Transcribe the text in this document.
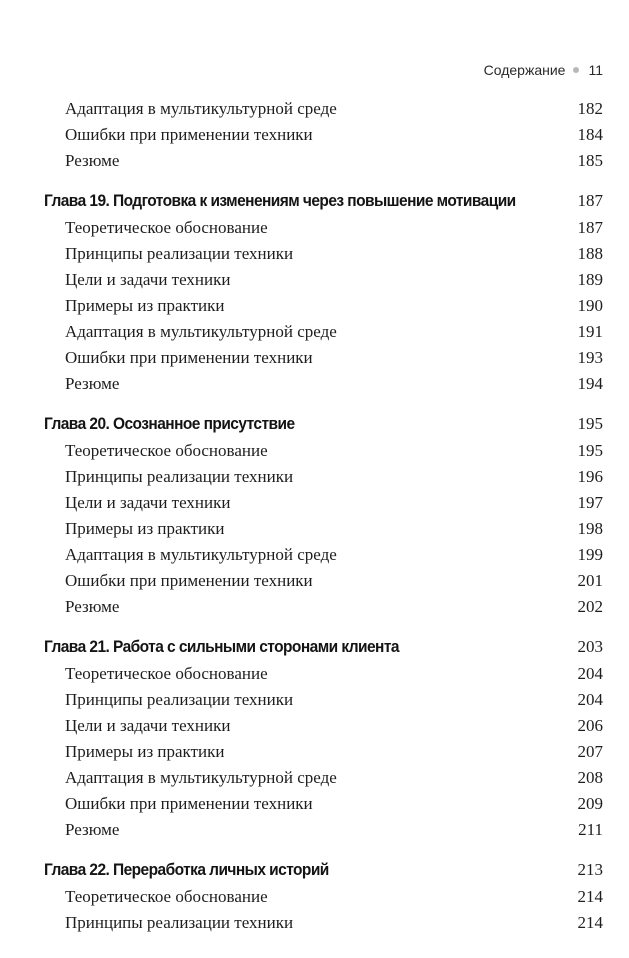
Содержание 11
Адаптация в мультикультурной среде	182
Ошибки при применении техники	184
Резюме	185
Глава 19. Подготовка к изменениям через повышение мотивации	187
Теоретическое обоснование	187
Принципы реализации техники	188
Цели и задачи техники	189
Примеры из практики	190
Адаптация в мультикультурной среде	191
Ошибки при применении техники	193
Резюме	194
Глава 20. Осознанное присутствие	195
Теоретическое обоснование	195
Принципы реализации техники	196
Цели и задачи техники	197
Примеры из практики	198
Адаптация в мультикультурной среде	199
Ошибки при применении техники	201
Резюме	202
Глава 21. Работа с сильными сторонами клиента	203
Теоретическое обоснование	204
Принципы реализации техники	204
Цели и задачи техники	206
Примеры из практики	207
Адаптация в мультикультурной среде	208
Ошибки при применении техники	209
Резюме	211
Глава 22. Переработка личных историй	213
Теоретическое обоснование	214
Принципы реализации техники	214
